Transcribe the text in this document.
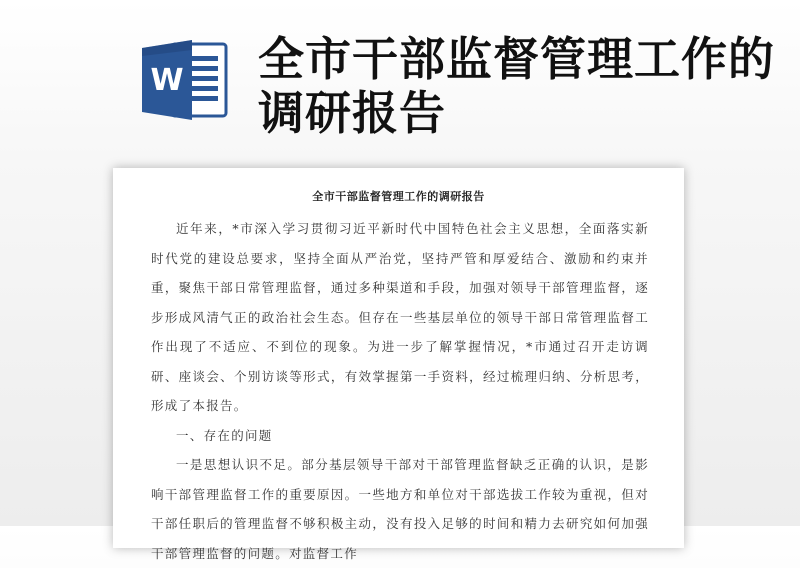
W 全市干部监督管理工作的调研报告
全市干部监督管理工作的调研报告

近年来，*市深入学习贯彻习近平新时代中国特色社会主义思想，全面落实新时代党的建设总要求，坚持全面从严治党，坚持严管和厚爱结合、激励和约束并重，聚焦干部日常管理监督，通过多种渠道和手段，加强对领导干部管理监督，逐步形成风清气正的政治社会生态。但存在一些基层单位的领导干部日常管理监督工作出现了不适应、不到位的现象。为进一步了解掌握情况，*市通过召开走访调研、座谈会、个别访谈等形式，有效掌握第一手资料，经过梳理归纳、分析思考，形成了本报告。

一、存在的问题

一是思想认识不足。部分基层领导干部对干部管理监督缺乏正确的认识，是影响干部管理监督工作的重要原因。一些地方和单位对干部选拔工作较为重视，但对干部任职后的管理监督不够积极主动，没有投入足够的时间和精力去研究如何加强干部管理监督的问题。对监督工作
